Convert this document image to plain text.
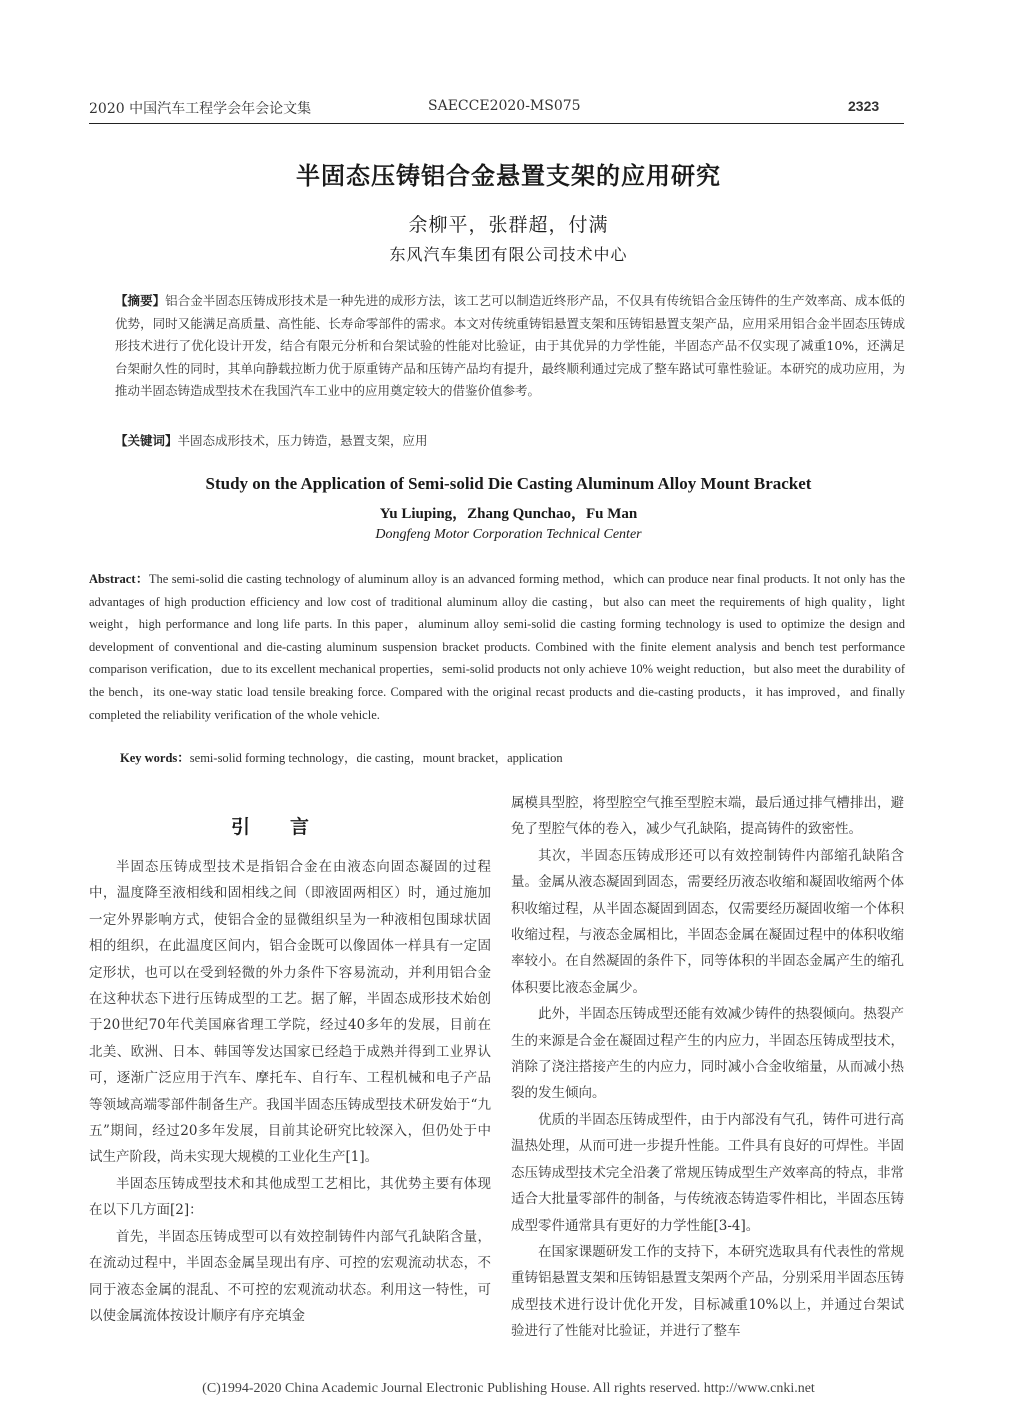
2020 中国汽车工程学会年会论文集	SAECCE2020-MS075	2323
半固态压铸铝合金悬置支架的应用研究
余柳平，张群超，付满
东风汽车集团有限公司技术中心
【摘要】铝合金半固态压铸成形技术是一种先进的成形方法，该工艺可以制造近终形产品，不仅具有传统铝合金压铸件的生产效率高、成本低的优势，同时又能满足高质量、高性能、长寿命零部件的需求。本文对传统重铸铝悬置支架和压铸铝悬置支架产品，应用采用铝合金半固态压铸成形技术进行了优化设计开发，结合有限元分析和台架试验的性能对比验证，由于其优异的力学性能，半固态产品不仅实现了减重10%，还满足台架耐久性的同时，其单向静载拉断力优于原重铸产品和压铸产品均有提升，最终顺利通过完成了整车路试可靠性验证。本研究的成功应用，为推动半固态铸造成型技术在我国汽车工业中的应用奠定较大的借鉴价值参考。
【关键词】半固态成形技术，压力铸造，悬置支架，应用
Study on the Application of Semi-solid Die Casting Aluminum Alloy Mount Bracket
Yu Liuping，Zhang Qunchao，Fu Man
Dongfeng Motor Corporation Technical Center
Abstract：The semi-solid die casting technology of aluminum alloy is an advanced forming method，which can produce near final products. It not only has the advantages of high production efficiency and low cost of traditional aluminum alloy die casting，but also can meet the requirements of high quality，light weight，high performance and long life parts. In this paper，aluminum alloy semi-solid die casting forming technology is used to optimize the design and development of conventional and die-casting aluminum suspension bracket products. Combined with the finite element analysis and bench test performance comparison verification，due to its excellent mechanical properties，semi-solid products not only achieve 10% weight reduction，but also meet the durability of the bench，its one-way static load tensile breaking force. Compared with the original recast products and die-casting products，it has improved，and finally completed the reliability verification of the whole vehicle.
Key words：semi-solid forming technology，die casting，mount bracket，application
引言

半固态压铸成型技术是指铝合金在由液态向固态凝固的过程中，温度降至液相线和固相线之间（即液固两相区）时，通过施加一定外界影响方式，使铝合金的显微组织呈为一种液相包围球状固相的组织，在此温度区间内，铝合金既可以像固体一样具有一定固定形状，也可以在受到轻微的外力条件下容易流动，并利用铝合金在这种状态下进行压铸成型的工艺。据了解，半固态成形技术始创于20世纪70年代美国麻省理工学院，经过40多年的发展，目前在北美、欧洲、日本、韩国等发达国家已经趋于成熟并得到工业界认可，逐渐广泛应用于汽车、摩托车、自行车、工程机械和电子产品等领域高端零部件制备生产。我国半固态压铸成型技术研发始于“九五”期间，经过20多年发展，目前其论研究比较深入，但仍处于中试生产阶段，尚未实现大规模的工业化生产[1]。

半固态压铸成型技术和其他成型工艺相比，其优势主要有体现在以下几方面[2]：

首先，半固态压铸成型可以有效控制铸件内部气孔缺陷含量，在流动过程中，半固态金属呈现出有序、可控的宏观流动状态，不同于液态金属的混乱、不可控的宏观流动状态。利用这一特性，可以使金属流体按设计顺序有序充填金

属模具型腔，将型腔空气推至型腔末端，最后通过排气槽排出，避免了型腔气体的卷入，减少气孔缺陷，提高铸件的致密性。

其次，半固态压铸成形还可以有效控制铸件内部缩孔缺陷含量。金属从液态凝固到固态，需要经历液态收缩和凝固收缩两个体积收缩过程，从半固态凝固到固态，仅需要经历凝固收缩一个体积收缩过程，与液态金属相比，半固态金属在凝固过程中的体积收缩率较小。在自然凝固的条件下，同等体积的半固态金属产生的缩孔体积要比液态金属少。

此外，半固态压铸成型还能有效减少铸件的热裂倾向。热裂产生的来源是合金在凝固过程产生的内应力，半固态压铸成型技术，消除了浇注搭接产生的内应力，同时减小合金收缩量，从而减小热裂的发生倾向。

优质的半固态压铸成型件，由于内部没有气孔，铸件可进行高温热处理，从而可进一步提升性能。工件具有良好的可焊性。半固态压铸成型技术完全沿袭了常规压铸成型生产效率高的特点，非常适合大批量零部件的制备，与传统液态铸造零件相比，半固态压铸成型零件通常具有更好的力学性能[3-4]。

在国家课题研发工作的支持下，本研究选取具有代表性的常规重铸铝悬置支架和压铸铝悬置支架两个产品，分别采用半固态压铸成型技术进行设计优化开发，目标减重10%以上，并通过台架试验进行了性能对比验证，并进行了整车

(C)1994-2020 China Academic Journal Electronic Publishing House. All rights reserved. http://www.cnki.net
